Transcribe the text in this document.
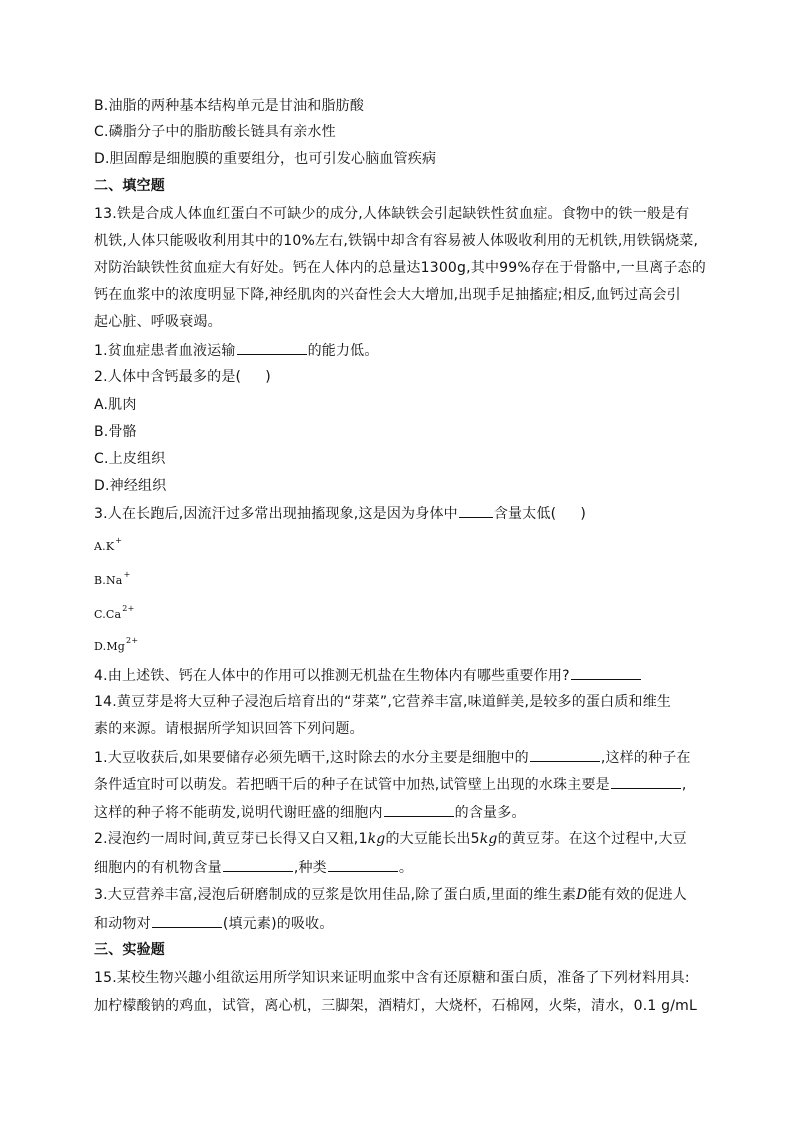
B.油脂的两种基本结构单元是甘油和脂肪酸
C.磷脂分子中的脂肪酸长链具有亲水性
D.胆固醇是细胞膜的重要组分，也可引发心脑血管疾病
二、填空题
13.铁是合成人体血红蛋白不可缺少的成分,人体缺铁会引起缺铁性贫血症。食物中的铁一般是有
机铁,人体只能吸收利用其中的10%左右,铁锅中却含有容易被人体吸收利用的无机铁,用铁锅烧菜,
对防治缺铁性贫血症大有好处。钙在人体内的总量达1300g,其中99%存在于骨骼中,一旦离子态的
钙在血浆中的浓度明显下降,神经肌肉的兴奋性会大大增加,出现手足抽搐症;相反,血钙过高会引
起心脏、呼吸衰竭。
1.贫血症患者血液运输	的能力低。
2.人体中含钙最多的是( )
A.肌肉
B.骨骼
C.上皮组织
D.神经组织
3.人在长跑后,因流汗过多常出现抽搐现象,这是因为身体中	含量太低( )
A.K+
B.Na+
$C.Ca^{2+}$
$D.Mg^{2+}$
4.由上述铁、钙在人体中的作用可以推测无机盐在生物体内有哪些重要作用?
14.黄豆芽是将大豆种子浸泡后培育出的“芽菜”,它营养丰富,味道鲜美,是较多的蛋白质和维生
素的来源。请根据所学知识回答下列问题。
1.大豆收获后,如果要储存必须先晒干,这时除去的水分主要是细胞中的	,这样的种子在
条件适宜时可以萌发。若把晒干后的种子在试管中加热,试管壁上出现的水珠主要是	,
这样的种子将不能萌发,说明代谢旺盛的细胞内	的含量多。
2.浸泡约一周时间,黄豆芽已长得又白又粗,1kg的大豆能长出5kg的黄豆芽。在这个过程中,大豆
细胞内的有机物含量	,种类	。
3.大豆营养丰富,浸泡后研磨制成的豆浆是饮用佳品,除了蛋白质,里面的维生素D能有效的促进人
和动物对	(填元素)的吸收。
三、实验题
15.某校生物兴趣小组欲运用所学知识来证明血浆中含有还原糖和蛋白质，准备了下列材料用具:
加柠檬酸钠的鸡血，试管，离心机，三脚架，酒精灯，大烧杯，石棉网，火柴，清水，0.1 g/mL
